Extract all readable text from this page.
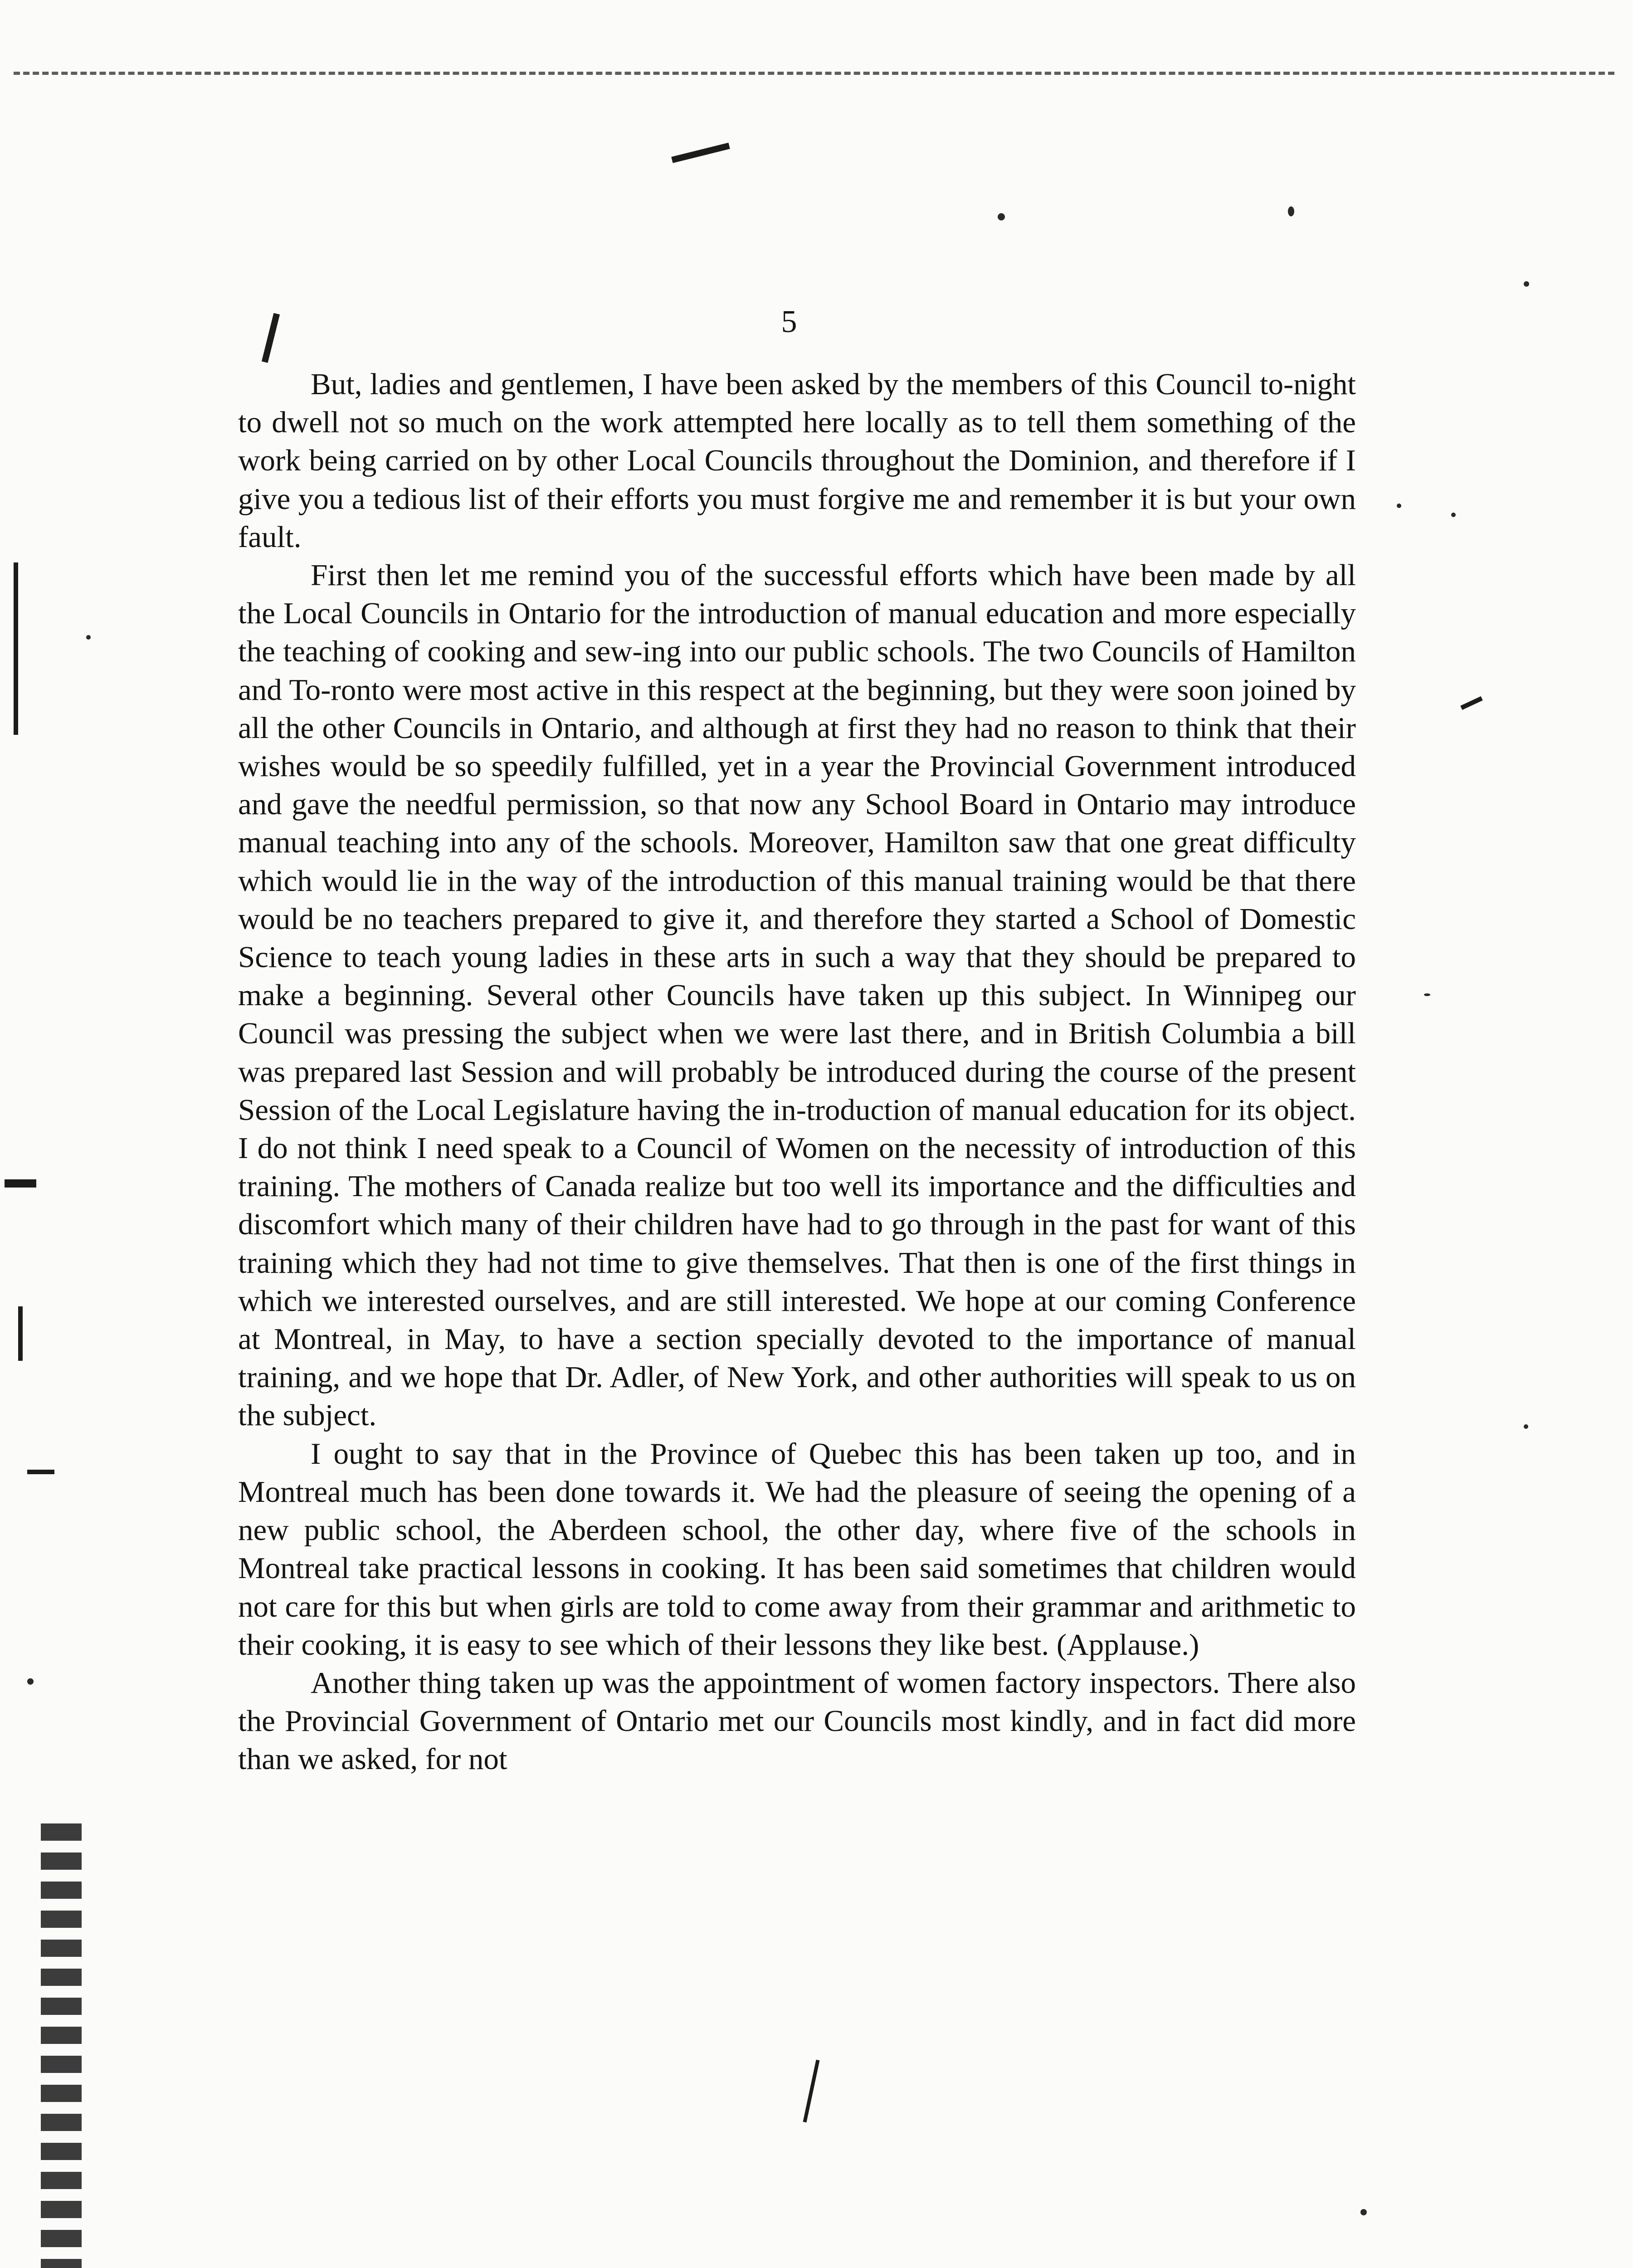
5

But, ladies and gentlemen, I have been asked by the members of this Council to-night to dwell not so much on the work attempted here locally as to tell them something of the work being carried on by other Local Councils throughout the Dominion, and therefore if I give you a tedious list of their efforts you must forgive me and remember it is but your own fault.

First then let me remind you of the successful efforts which have been made by all the Local Councils in Ontario for the introduction of manual education and more especially the teaching of cooking and sew-ing into our public schools. The two Councils of Hamilton and To-ronto were most active in this respect at the beginning, but they were soon joined by all the other Councils in Ontario, and although at first they had no reason to think that their wishes would be so speedily fulfilled, yet in a year the Provincial Government introduced and gave the needful permission, so that now any School Board in Ontario may introduce manual teaching into any of the schools. Moreover, Hamilton saw that one great difficulty which would lie in the way of the introduction of this manual training would be that there would be no teachers prepared to give it, and therefore they started a School of Domestic Science to teach young ladies in these arts in such a way that they should be prepared to make a beginning. Several other Councils have taken up this subject. In Winnipeg our Council was pressing the subject when we were last there, and in British Columbia a bill was prepared last Session and will probably be introduced during the course of the present Session of the Local Legislature having the in-troduction of manual education for its object. I do not think I need speak to a Council of Women on the necessity of introduction of this training. The mothers of Canada realize but too well its importance and the difficulties and discomfort which many of their children have had to go through in the past for want of this training which they had not time to give themselves. That then is one of the first things in which we interested ourselves, and are still interested. We hope at our coming Conference at Montreal, in May, to have a section specially devoted to the importance of manual training, and we hope that Dr. Adler, of New York, and other authorities will speak to us on the subject.

I ought to say that in the Province of Quebec this has been taken up too, and in Montreal much has been done towards it. We had the pleasure of seeing the opening of a new public school, the Aberdeen school, the other day, where five of the schools in Montreal take practical lessons in cooking. It has been said sometimes that children would not care for this but when girls are told to come away from their grammar and arithmetic to their cooking, it is easy to see which of their lessons they like best. (Applause.)

Another thing taken up was the appointment of women factory inspectors. There also the Provincial Government of Ontario met our Councils most kindly, and in fact did more than we asked, for not
